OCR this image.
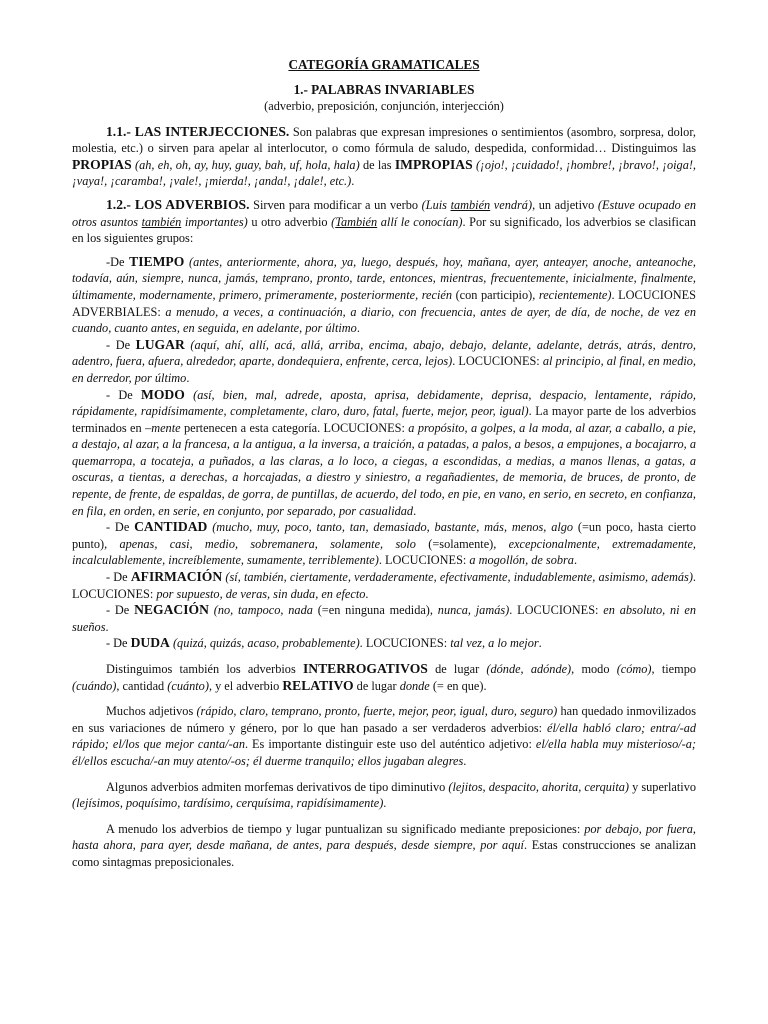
CATEGORÍA GRAMATICALES

1.- PALABRAS INVARIABLES

(adverbio, preposición, conjunción, interjección)

1.1.- LAS INTERJECCIONES. Son palabras que expresan impresiones o sentimientos (asombro, sorpresa, dolor, molestia, etc.) o sirven para apelar al interlocutor, o como fórmula de saludo, despedida, conformidad… Distinguimos las PROPIAS (ah, eh, oh, ay, huy, guay, bah, uf, hola, hala) de las IMPROPIAS (¡ojo!, ¡cuidado!, ¡hombre!, ¡bravo!, ¡oiga!, ¡vaya!, ¡caramba!, ¡vale!, ¡mierda!, ¡anda!, ¡dale!, etc.).

1.2.- LOS ADVERBIOS. Sirven para modificar a un verbo (Luis también vendrá), un adjetivo (Estuve ocupado en otros asuntos también importantes) u otro adverbio (También allí le conocían). Por su significado, los adverbios se clasifican en los siguientes grupos:

-De TIEMPO (antes, anteriormente, ahora, ya, luego, después, hoy, mañana, ayer, anteayer, anoche, anteanoche, todavía, aún, siempre, nunca, jamás, temprano, pronto, tarde, entonces, mientras, frecuentemente, inicialmente, finalmente, últimamente, modernamente, primero, primeramente, posteriormente, recién (con participio), recientemente). LOCUCIONES ADVERBIALES: a menudo, a veces, a continuación, a diario, con frecuencia, antes de ayer, de día, de noche, de vez en cuando, cuanto antes, en seguida, en adelante, por último.

- De LUGAR (aquí, ahí, allí, acá, allá, arriba, encima, abajo, debajo, delante, adelante, detrás, atrás, dentro, adentro, fuera, afuera, alrededor, aparte, dondequiera, enfrente, cerca, lejos). LOCUCIONES: al principio, al final, en medio, en derredor, por último.

- De MODO (así, bien, mal, adrede, aposta, aprisa, debidamente, deprisa, despacio, lentamente, rápido, rápidamente, rapidísimamente, completamente, claro, duro, fatal, fuerte, mejor, peor, igual). La mayor parte de los adverbios terminados en –mente pertenecen a esta categoría. LOCUCIONES: a propósito, a golpes, a la moda, al azar, a caballo, a pie, a destajo, al azar, a la francesa, a la antigua, a la inversa, a traición, a patadas, a palos, a besos, a empujones, a bocajarro, a quemarropa, a tocateja, a puñados, a las claras, a lo loco, a ciegas, a escondidas, a medias, a manos llenas, a gatas, a oscuras, a tientas, a derechas, a horcajadas, a diestro y siniestro, a regañadientes, de memoria, de bruces, de pronto, de repente, de frente, de espaldas, de gorra, de puntillas, de acuerdo, del todo, en pie, en vano, en serio, en secreto, en confianza, en fila, en orden, en serie, en conjunto, por separado, por casualidad.

- De CANTIDAD (mucho, muy, poco, tanto, tan, demasiado, bastante, más, menos, algo (=un poco, hasta cierto punto), apenas, casi, medio, sobremanera, solamente, solo (=solamente), excepcionalmente, extremadamente, incalculablemente, increíblemente, sumamente, terriblemente). LOCUCIONES: a mogollón, de sobra.

- De AFIRMACIÓN (sí, también, ciertamente, verdaderamente, efectivamente, indudablemente, asimismo, además). LOCUCIONES: por supuesto, de veras, sin duda, en efecto.

- De NEGACIÓN (no, tampoco, nada (=en ninguna medida), nunca, jamás). LOCUCIONES: en absoluto, ni en sueños.

- De DUDA (quizá, quizás, acaso, probablemente). LOCUCIONES: tal vez, a lo mejor.

Distinguimos también los adverbios INTERROGATIVOS de lugar (dónde, adónde), modo (cómo), tiempo (cuándo), cantidad (cuánto), y el adverbio RELATIVO de lugar donde (= en que).

Muchos adjetivos (rápido, claro, temprano, pronto, fuerte, mejor, peor, igual, duro, seguro) han quedado inmovilizados en sus variaciones de número y género, por lo que han pasado a ser verdaderos adverbios: él/ella habló claro; entra/-ad rápido; el/los que mejor canta/-an. Es importante distinguir este uso del auténtico adjetivo: el/ella habla muy misterioso/-a; él/ellos escucha/-an muy atento/-os; él duerme tranquilo; ellos jugaban alegres.

Algunos adverbios admiten morfemas derivativos de tipo diminutivo (lejitos, despacito, ahorita, cerquita) y superlativo (lejísimos, poquísimo, tardísimo, cerquísima, rapidísimamente).

A menudo los adverbios de tiempo y lugar puntualizan su significado mediante preposiciones: por debajo, por fuera, hasta ahora, para ayer, desde mañana, de antes, para después, desde siempre, por aquí. Estas construcciones se analizan como sintagmas preposicionales.
